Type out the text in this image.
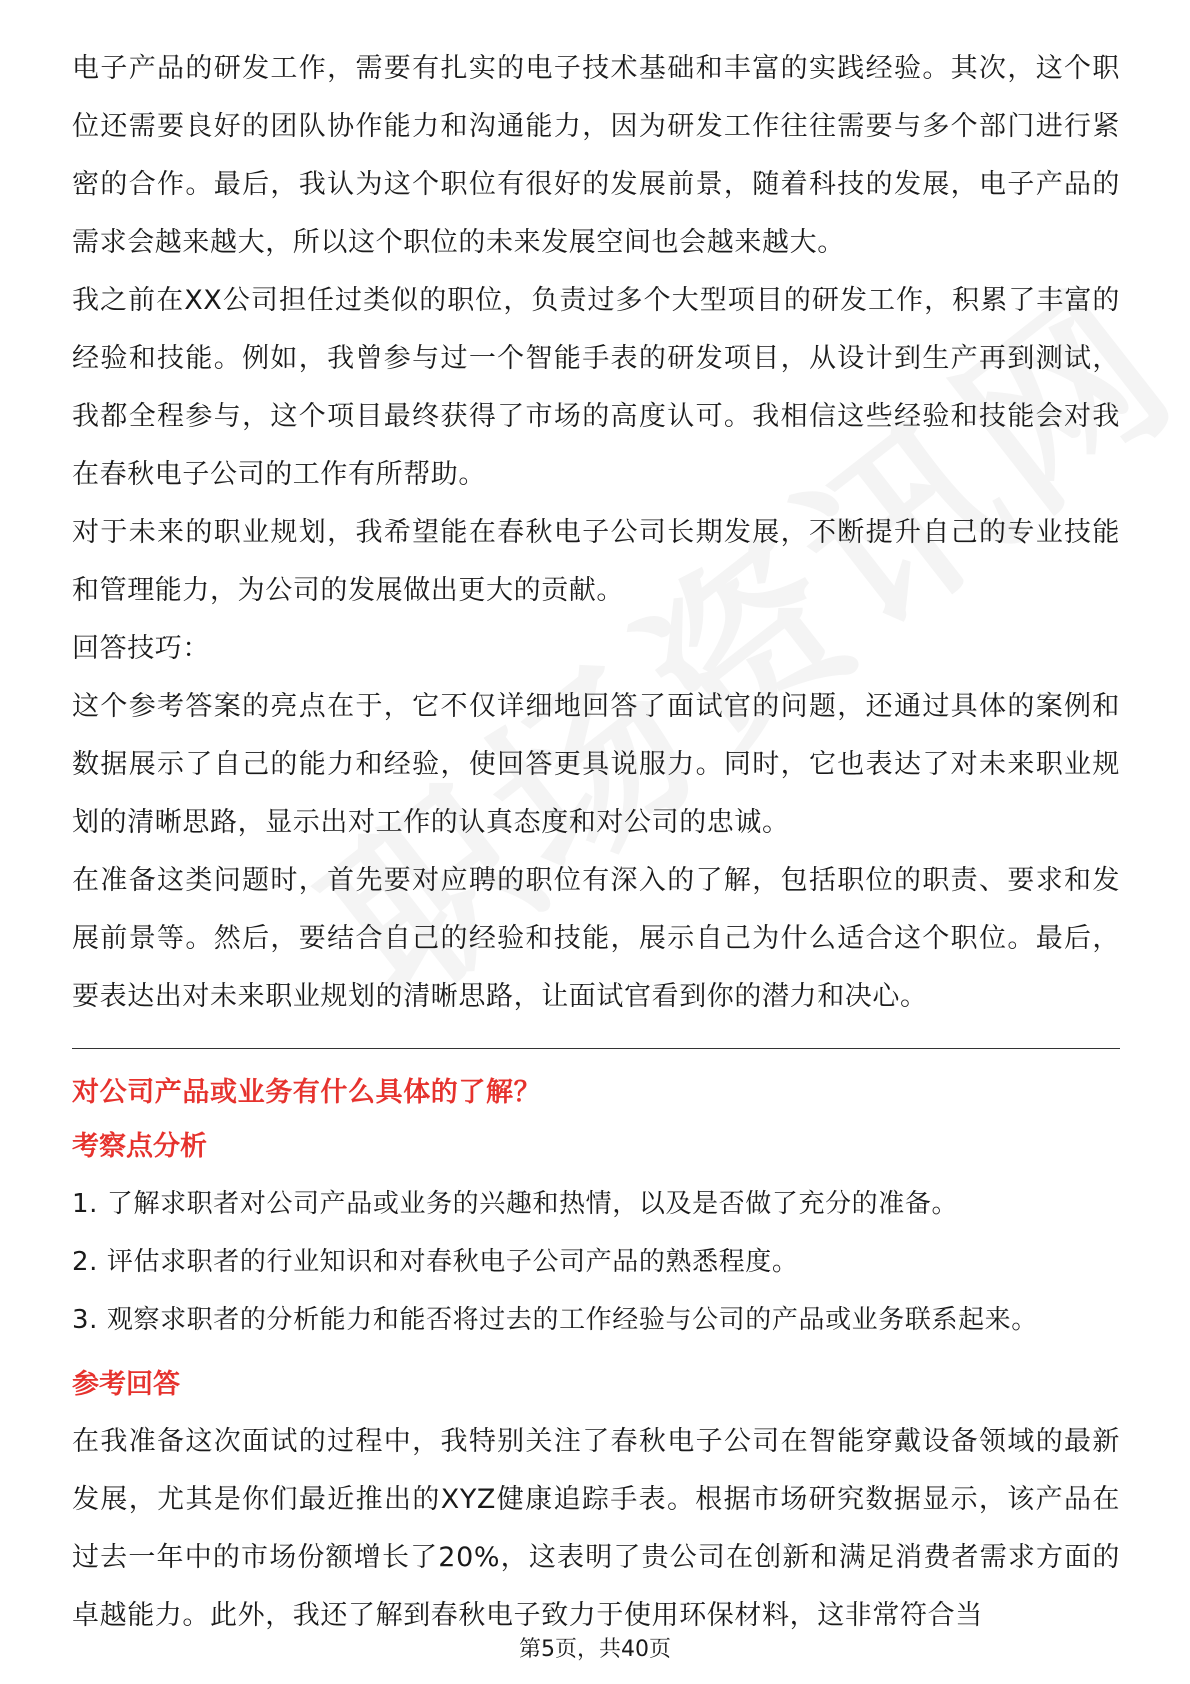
电子产品的研发工作，需要有扎实的电子技术基础和丰富的实践经验。其次，这个职位还需要良好的团队协作能力和沟通能力，因为研发工作往往需要与多个部门进行紧密的合作。最后，我认为这个职位有很好的发展前景，随着科技的发展，电子产品的需求会越来越大，所以这个职位的未来发展空间也会越来越大。

我之前在XX公司担任过类似的职位，负责过多个大型项目的研发工作，积累了丰富的经验和技能。例如，我曾参与过一个智能手表的研发项目，从设计到生产再到测试，我都全程参与，这个项目最终获得了市场的高度认可。我相信这些经验和技能会对我在春秋电子公司的工作有所帮助。

对于未来的职业规划，我希望能在春秋电子公司长期发展，不断提升自己的专业技能和管理能力，为公司的发展做出更大的贡献。

回答技巧：

这个参考答案的亮点在于，它不仅详细地回答了面试官的问题，还通过具体的案例和数据展示了自己的能力和经验，使回答更具说服力。同时，它也表达了对未来职业规划的清晰思路，显示出对工作的认真态度和对公司的忠诚。

在准备这类问题时，首先要对应聘的职位有深入的了解，包括职位的职责、要求和发展前景等。然后，要结合自己的经验和技能，展示自己为什么适合这个职位。最后，要表达出对未来职业规划的清晰思路，让面试官看到你的潜力和决心。

对公司产品或业务有什么具体的了解？

考察点分析

1. 了解求职者对公司产品或业务的兴趣和热情，以及是否做了充分的准备。

2. 评估求职者的行业知识和对春秋电子公司产品的熟悉程度。

3. 观察求职者的分析能力和能否将过去的工作经验与公司的产品或业务联系起来。

参考回答

在我准备这次面试的过程中，我特别关注了春秋电子公司在智能穿戴设备领域的最新发展，尤其是你们最近推出的XYZ健康追踪手表。根据市场研究数据显示，该产品在过去一年中的市场份额增长了20%，这表明了贵公司在创新和满足消费者需求方面的卓越能力。此外，我还了解到春秋电子致力于使用环保材料，这非常符合当

第5页，共40页
